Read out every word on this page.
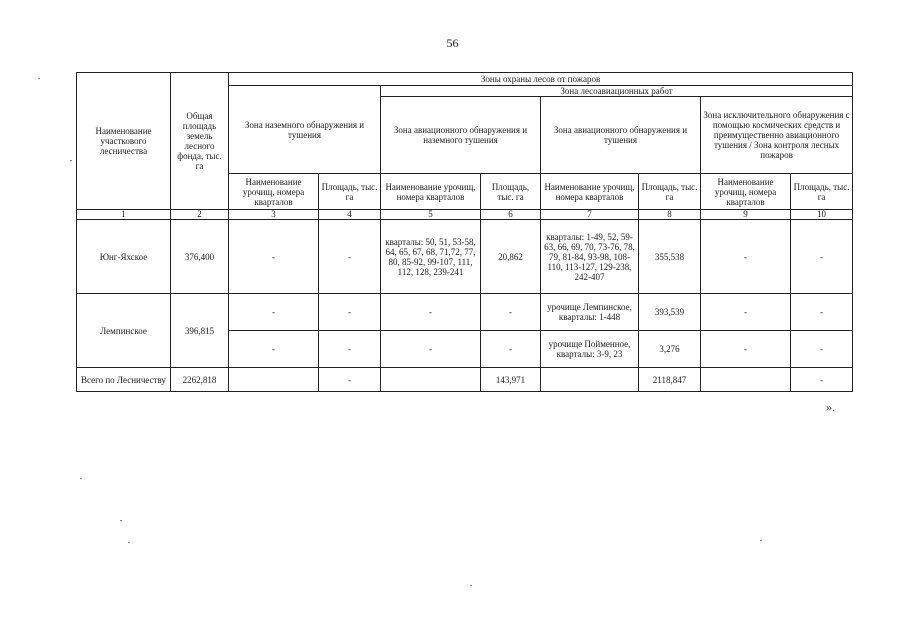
56
Наименование участкового лесничества	Общая площадь земель лесного фонда, тыс. га	Зоны охраны лесов от пожаров							
		Зона наземного обнаружения и тушения		Зона лесоавиационных работ					
				Зона авиационного обнаружения и наземного тушения		Зона авиационного обнаружения и тушения		Зона исключительного обнаружения с помощью космических средств и преимущественно авиационного тушения / Зона контроля лесных пожаров	
		Наименование урочищ, номера кварталов	Площадь, тыс. га	Наименование урочищ, номера кварталов	Площадь, тыс. га	Наименование урочищ, номера кварталов	Площадь, тыс. га	Наименование урочищ, номера кварталов	Площадь, тыс. га
1	2	3	4	5	6	7	8	9	10
Юнг-Яхское	376,400	-	-	кварталы: 50, 51, 53-58, 64, 65, 67, 68, 71,72, 77, 80, 85-92, 99-107, 111, 112, 128, 239-241	20,862	кварталы: 1-49, 52, 59-63, 66, 69, 70, 73-76, 78, 79, 81-84, 93-98, 108-110, 113-127, 129-238, 242-407	355,538	-	-
Лемпинское	396,815	-	-	-	-	урочище Лемпинское, кварталы: 1-448	393,539	-	-
		-	-	-	-	урочище Пойменное, кварталы: 3-9, 23	3,276	-	-
Всего по Лесничеству	2262,818		-		143,971		2118,847		-
».
